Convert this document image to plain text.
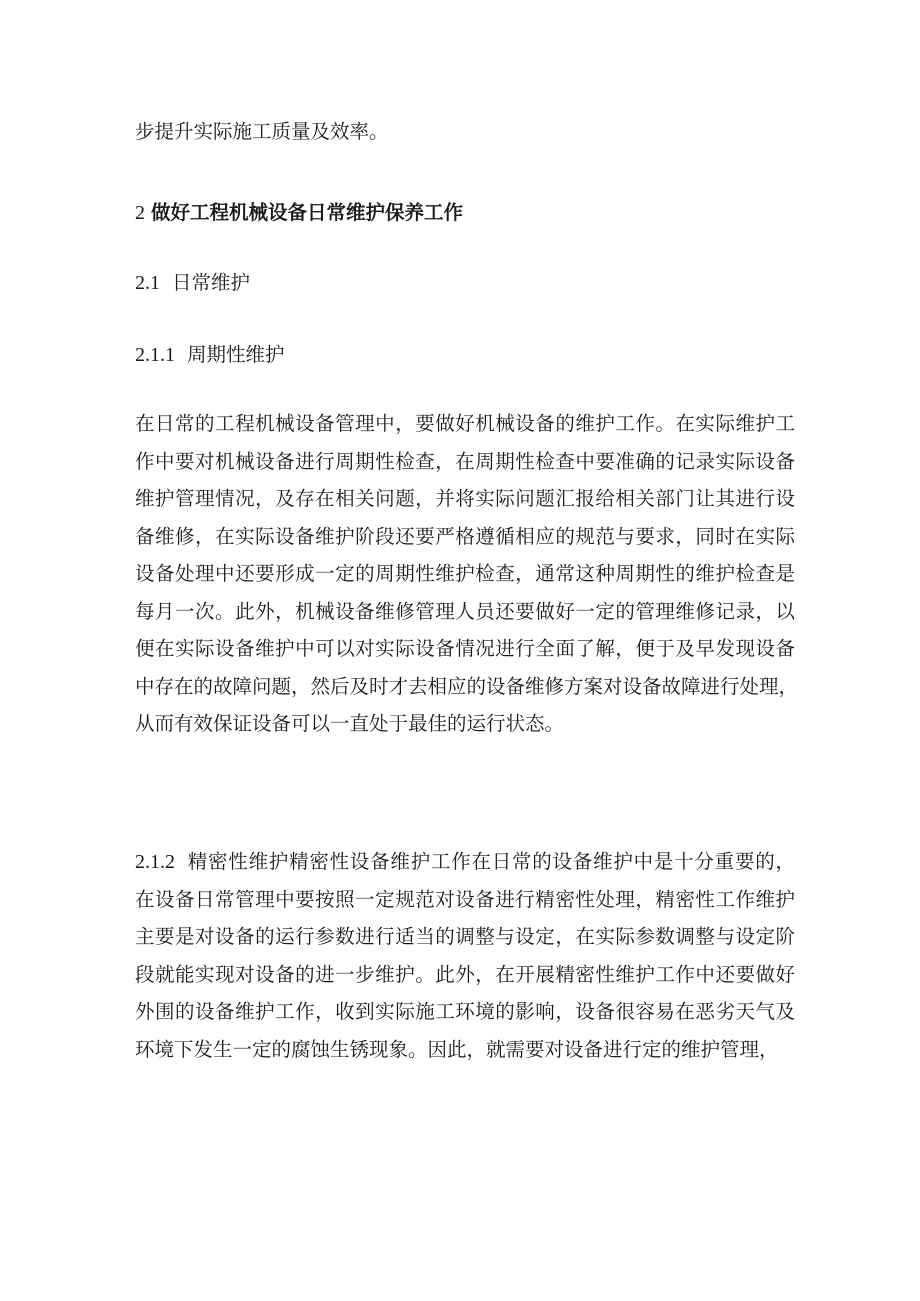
步提升实际施工质量及效率。

2 做好工程机械设备日常维护保养工作

2.1 日常维护

2.1.1 周期性维护

在日常的工程机械设备管理中，要做好机械设备的维护工作。在实际维护工
作中要对机械设备进行周期性检查，在周期性检查中要准确的记录实际设备
维护管理情况，及存在相关问题，并将实际问题汇报给相关部门让其进行设
备维修，在实际设备维护阶段还要严格遵循相应的规范与要求，同时在实际
设备处理中还要形成一定的周期性维护检查，通常这种周期性的维护检查是
每月一次。此外，机械设备维修管理人员还要做好一定的管理维修记录，以
便在实际设备维护中可以对实际设备情况进行全面了解，便于及早发现设备
中存在的故障问题，然后及时才去相应的设备维修方案对设备故障进行处理，
从而有效保证设备可以一直处于最佳的运行状态。
2.1.2 精密性维护精密性设备维护工作在日常的设备维护中是十分重要的，
在设备日常管理中要按照一定规范对设备进行精密性处理，精密性工作维护
主要是对设备的运行参数进行适当的调整与设定，在实际参数调整与设定阶
段就能实现对设备的进一步维护。此外，在开展精密性维护工作中还要做好
外围的设备维护工作，收到实际施工环境的影响，设备很容易在恶劣天气及
环境下发生一定的腐蚀生锈现象。因此，就需要对设备进行定的维护管理，
